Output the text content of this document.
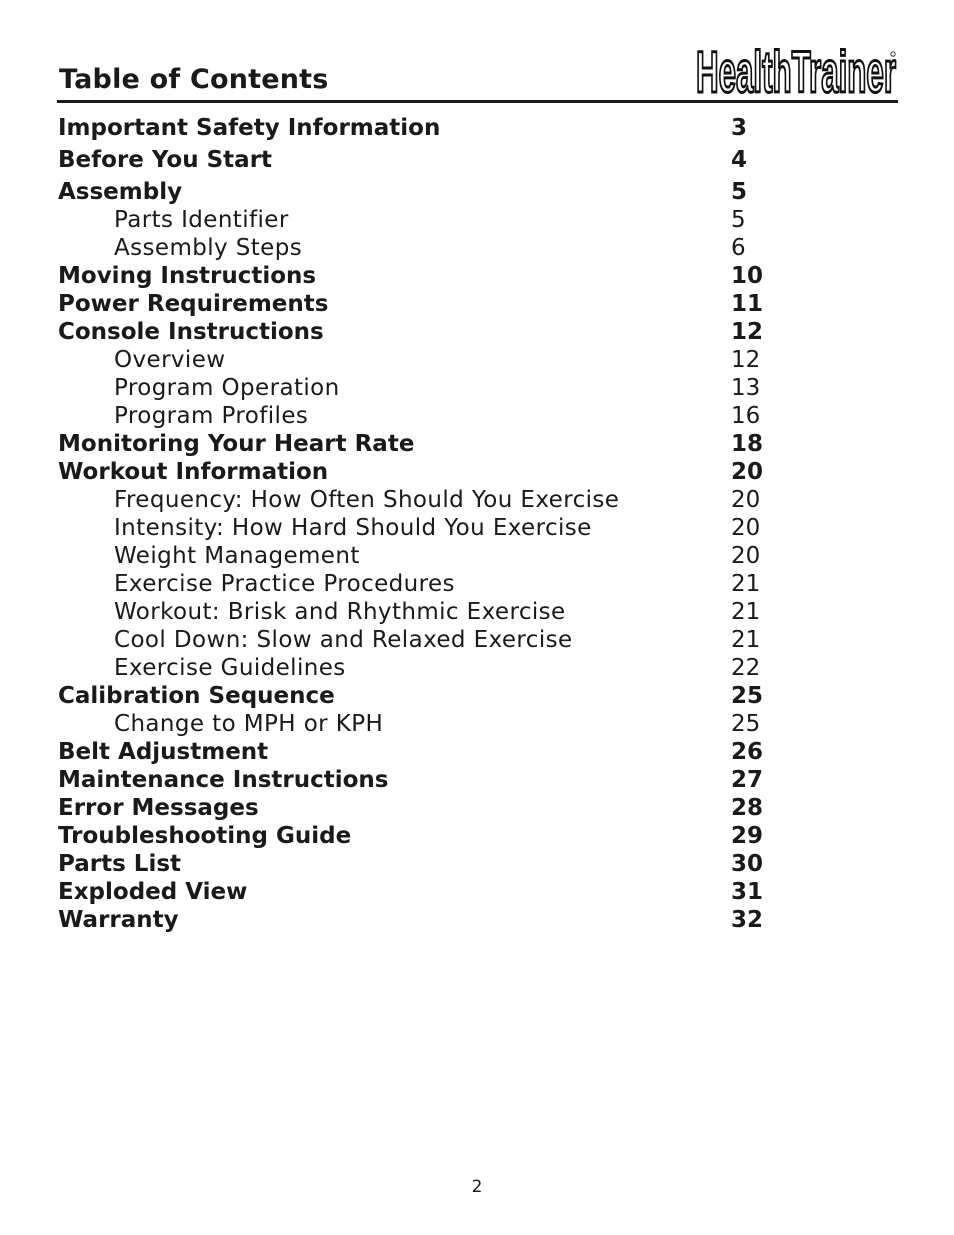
Table of Contents	HealthTrainer
Important Safety Information	3
Before You Start	4
Assembly	5
Parts Identifier	5
Assembly Steps	6
Moving Instructions	10
Power Requirements	11
Console Instructions	12
Overview	12
Program Operation	13
Program Profiles	16
Monitoring Your Heart Rate	18
Workout Information	20
Frequency: How Often Should You Exercise	20
Intensity: How Hard Should You Exercise	20
Weight Management	20
Exercise Practice Procedures	21
Workout: Brisk and Rhythmic Exercise	21
Cool Down: Slow and Relaxed Exercise	21
Exercise Guidelines	22
Calibration Sequence	25
Change to MPH or KPH	25
Belt Adjustment	26
Maintenance Instructions	27
Error Messages	28
Troubleshooting Guide	29
Parts List	30
Exploded View	31
Warranty	32
2
